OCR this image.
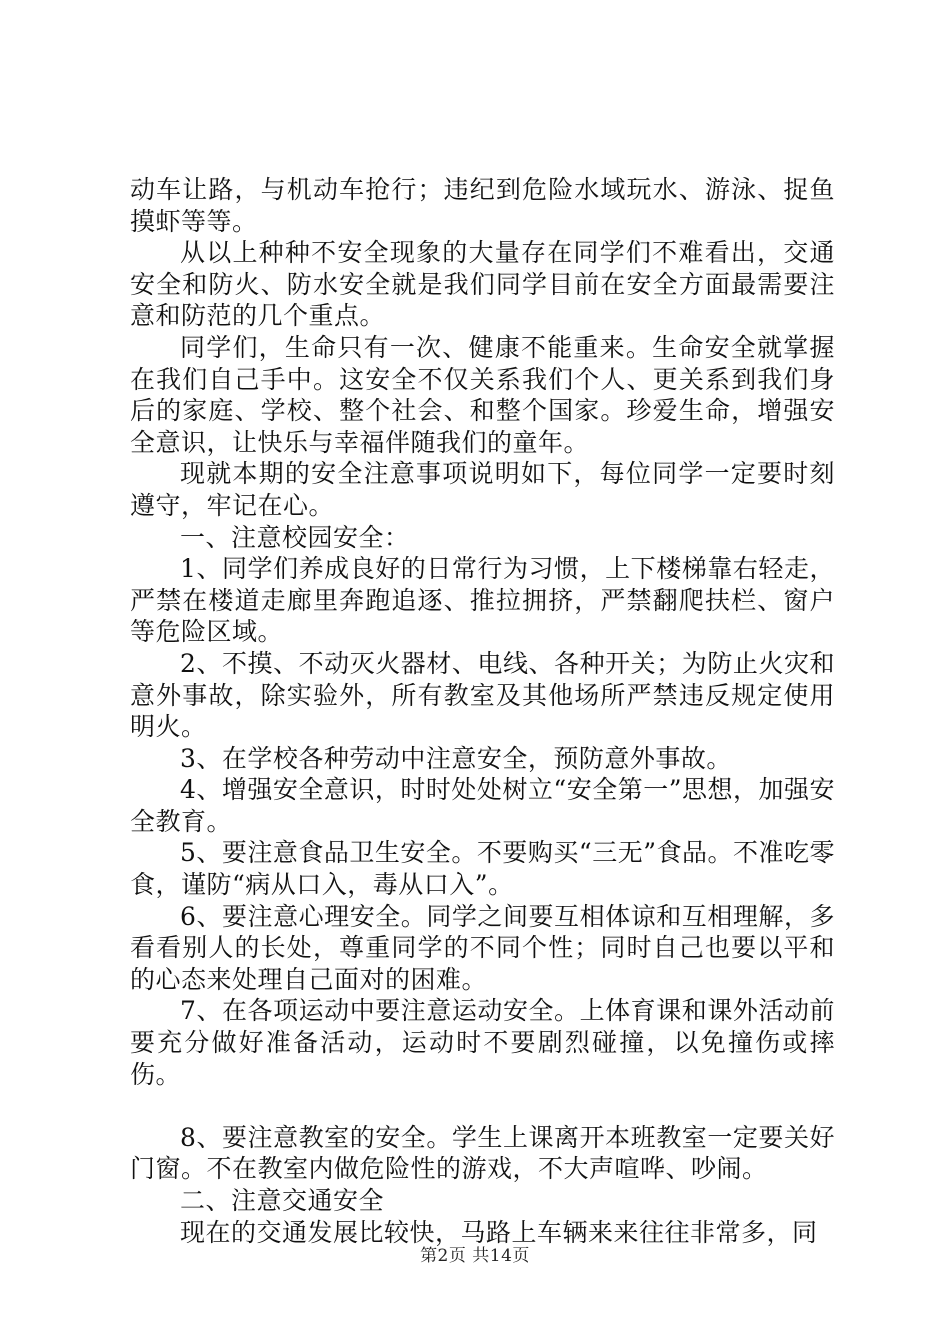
动车让路，与机动车抢行；违纪到危险水域玩水、游泳、捉鱼摸虾等等。

从以上种种不安全现象的大量存在同学们不难看出，交通安全和防火、防水安全就是我们同学目前在安全方面最需要注意和防范的几个重点。

同学们，生命只有一次、健康不能重来。生命安全就掌握在我们自己手中。这安全不仅关系我们个人、更关系到我们身后的家庭、学校、整个社会、和整个国家。珍爱生命，增强安全意识，让快乐与幸福伴随我们的童年。

现就本期的安全注意事项说明如下，每位同学一定要时刻遵守，牢记在心。

一、注意校园安全：

1、同学们养成良好的日常行为习惯，上下楼梯靠右轻走，严禁在楼道走廊里奔跑追逐、推拉拥挤，严禁翻爬扶栏、窗户等危险区域。

2、不摸、不动灭火器材、电线、各种开关；为防止火灾和意外事故，除实验外，所有教室及其他场所严禁违反规定使用明火。

3、在学校各种劳动中注意安全，预防意外事故。

4、增强安全意识，时时处处树立“安全第一”思想，加强安全教育。

5、要注意食品卫生安全。不要购买“三无”食品。不准吃零食，谨防“病从口入，毒从口入”。

6、要注意心理安全。同学之间要互相体谅和互相理解，多看看别人的长处，尊重同学的不同个性；同时自己也要以平和的心态来处理自己面对的困难。

7、在各项运动中要注意运动安全。上体育课和课外活动前要充分做好准备活动，运动时不要剧烈碰撞，以免撞伤或摔伤。

8、要注意教室的安全。学生上课离开本班教室一定要关好门窗。不在教室内做危险性的游戏，不大声喧哗、吵闹。

二、注意交通安全

现在的交通发展比较快，马路上车辆来来往往非常多，同

第2页 共14页
